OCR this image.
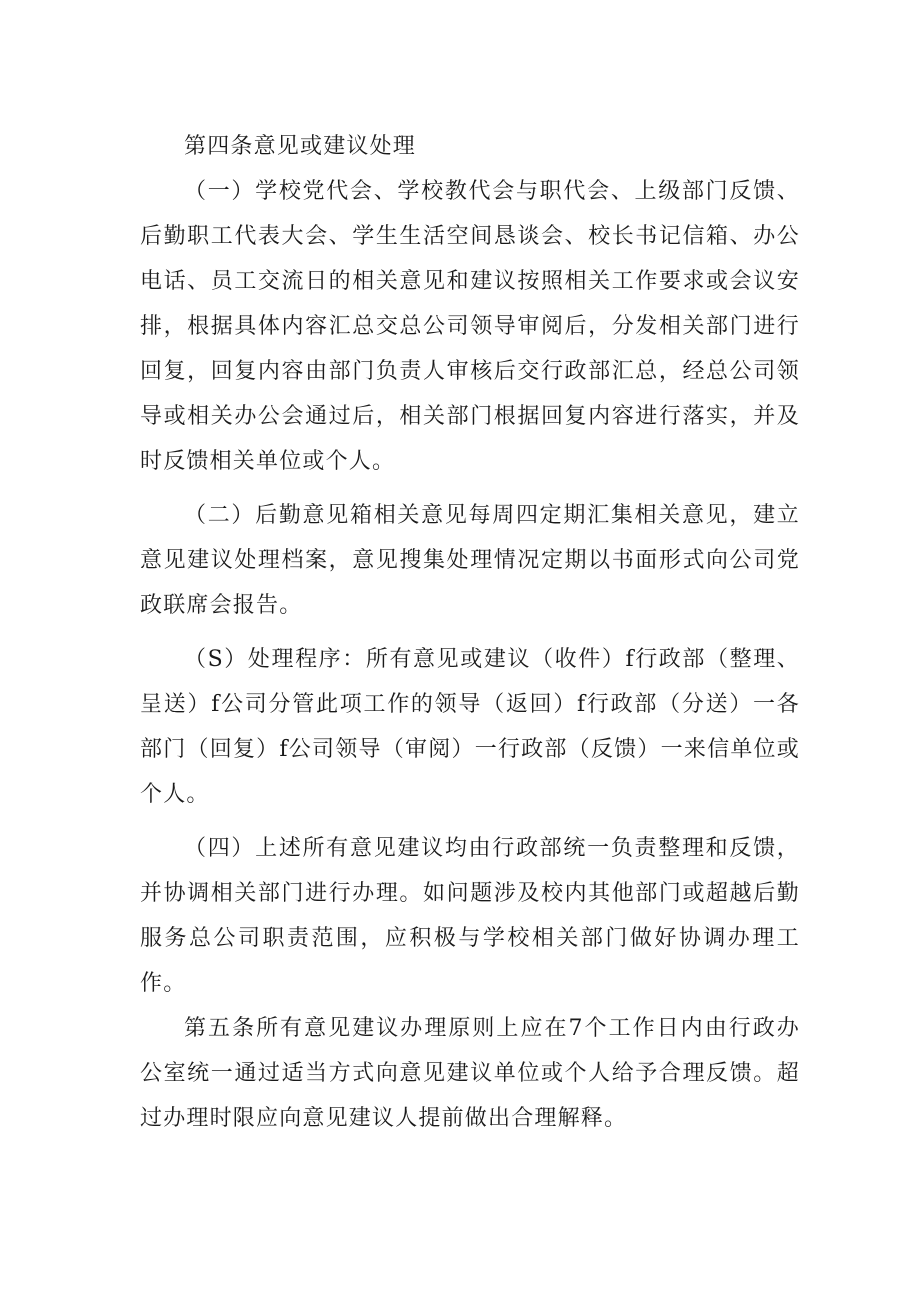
第四条意见或建议处理

（一）学校党代会、学校教代会与职代会、上级部门反馈、后勤职工代表大会、学生生活空间恳谈会、校长书记信箱、办公电话、员工交流日的相关意见和建议按照相关工作要求或会议安排，根据具体内容汇总交总公司领导审阅后，分发相关部门进行回复，回复内容由部门负责人审核后交行政部汇总，经总公司领导或相关办公会通过后，相关部门根据回复内容进行落实，并及时反馈相关单位或个人。

（二）后勤意见箱相关意见每周四定期汇集相关意见，建立意见建议处理档案，意见搜集处理情况定期以书面形式向公司党政联席会报告。

（S）处理程序：所有意见或建议（收件）f行政部（整理、呈送）f公司分管此项工作的领导（返回）f行政部（分送）一各部门（回复）f公司领导（审阅）一行政部（反馈）一来信单位或个人。

（四）上述所有意见建议均由行政部统一负责整理和反馈，并协调相关部门进行办理。如问题涉及校内其他部门或超越后勤服务总公司职责范围，应积极与学校相关部门做好协调办理工作。

第五条所有意见建议办理原则上应在7个工作日内由行政办公室统一通过适当方式向意见建议单位或个人给予合理反馈。超过办理时限应向意见建议人提前做出合理解释。
